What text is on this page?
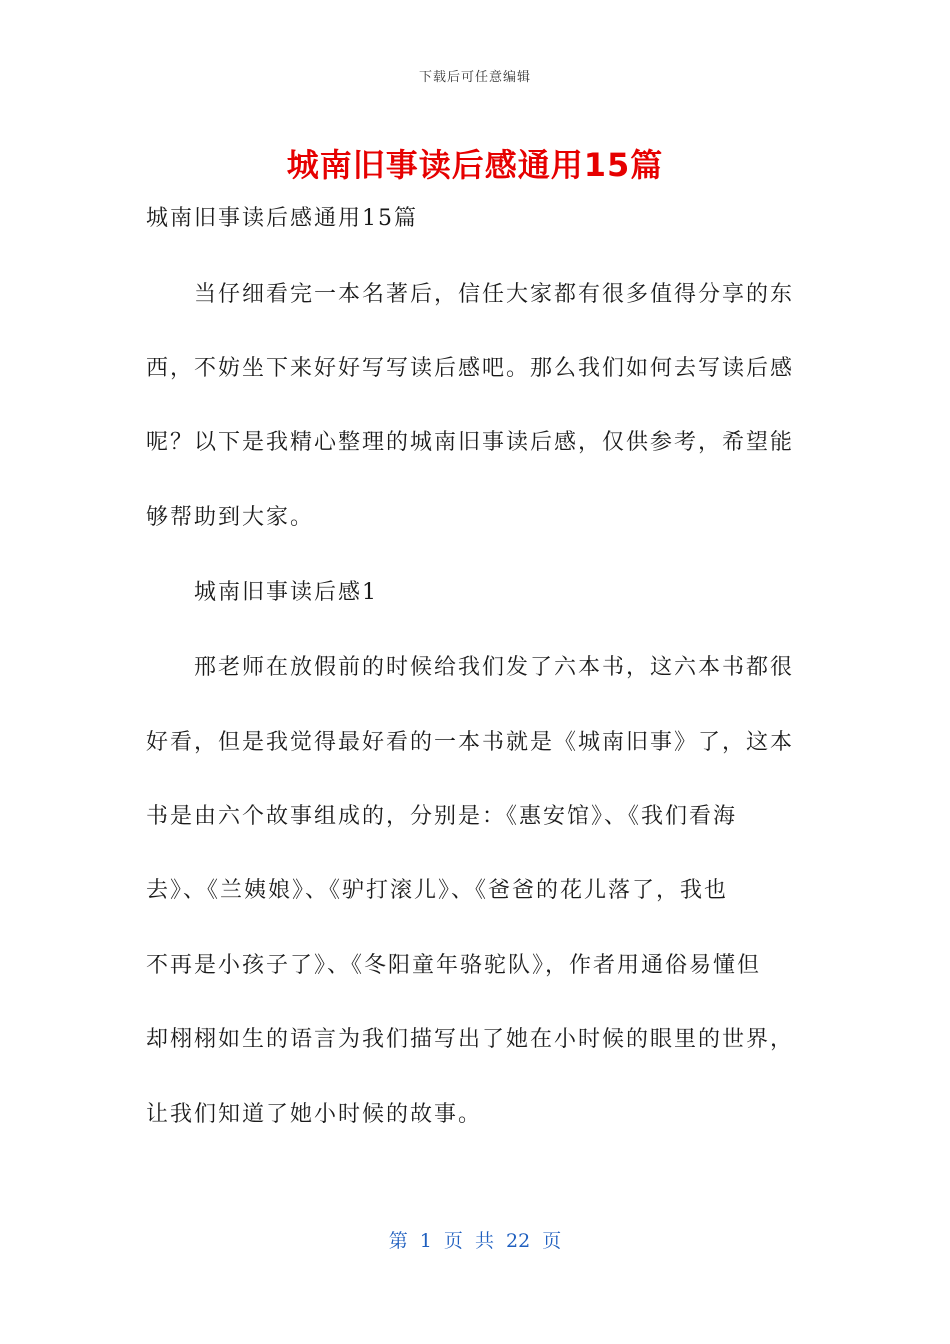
下载后可任意编辑
城南旧事读后感通用15篇
城南旧事读后感通用15篇
当仔细看完一本名著后，信任大家都有很多值得分享的东
西，不妨坐下来好好写写读后感吧。那么我们如何去写读后感
呢？以下是我精心整理的城南旧事读后感，仅供参考，希望能
够帮助到大家。
城南旧事读后感1
邢老师在放假前的时候给我们发了六本书，这六本书都很
好看，但是我觉得最好看的一本书就是《城南旧事》了，这本
书是由六个故事组成的，分别是：《惠安馆》、《我们看海
去》、《兰姨娘》、《驴打滚儿》、《爸爸的花儿落了，我也
不再是小孩子了》、《冬阳童年骆驼队》，作者用通俗易懂但
却栩栩如生的语言为我们描写出了她在小时候的眼里的世界，
让我们知道了她小时候的故事。
第 1 页 共 22 页
